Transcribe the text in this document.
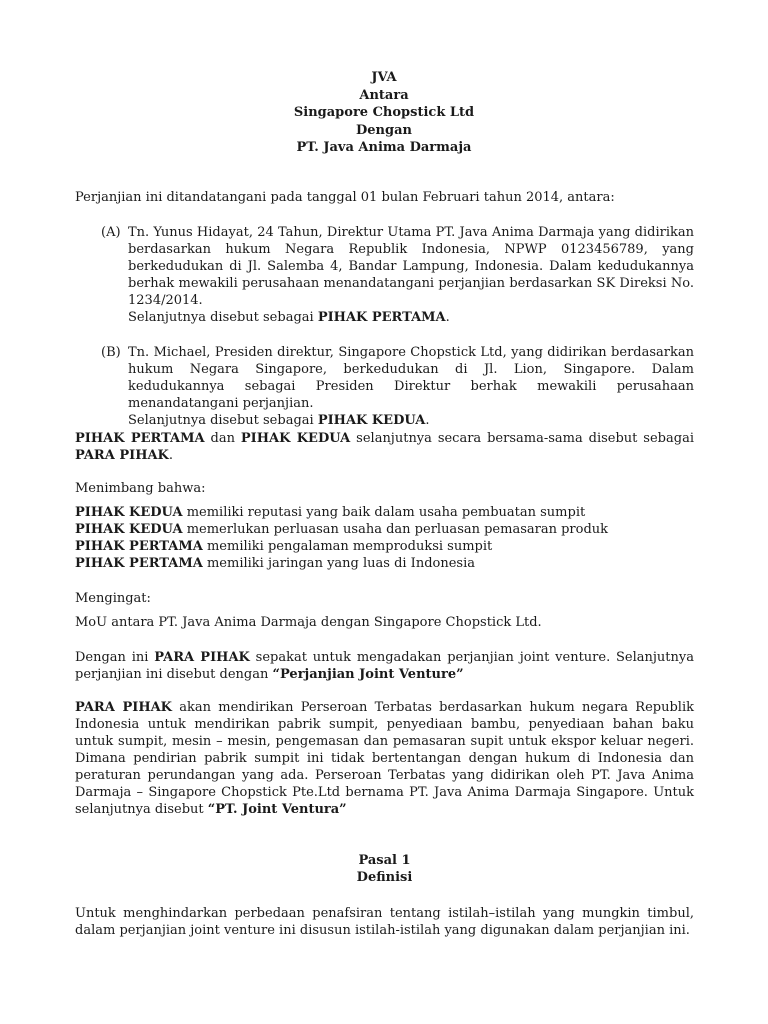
JVA
Antara
Singapore Chopstick Ltd
Dengan
PT. Java Anima Darmaja
Perjanjian ini ditandatangani pada tanggal 01 bulan Februari tahun 2014, antara:
(A) Tn. Yunus Hidayat, 24 Tahun, Direktur Utama PT. Java Anima Darmaja yang didirikan berdasarkan hukum Negara Republik Indonesia, NPWP 0123456789, yang berkedudukan di Jl. Salemba 4, Bandar Lampung, Indonesia. Dalam kedudukannya berhak mewakili perusahaan menandatangani perjanjian berdasarkan SK Direksi No. 1234/2014.
Selanjutnya disebut sebagai PIHAK PERTAMA.
(B) Tn. Michael, Presiden direktur, Singapore Chopstick Ltd, yang didirikan berdasarkan hukum Negara Singapore, berkedudukan di Jl. Lion, Singapore. Dalam kedudukannya sebagai Presiden Direktur berhak mewakili perusahaan menandatangani perjanjian.
Selanjutnya disebut sebagai PIHAK KEDUA.
PIHAK PERTAMA dan PIHAK KEDUA selanjutnya secara bersama-sama disebut sebagai PARA PIHAK.
Menimbang bahwa:
PIHAK KEDUA memiliki reputasi yang baik dalam usaha pembuatan sumpit
PIHAK KEDUA memerlukan perluasan usaha dan perluasan pemasaran produk
PIHAK PERTAMA memiliki pengalaman memproduksi sumpit
PIHAK PERTAMA memiliki jaringan yang luas di Indonesia
Mengingat:
MoU antara PT. Java Anima Darmaja dengan Singapore Chopstick Ltd.
Dengan ini PARA PIHAK sepakat untuk mengadakan perjanjian joint venture. Selanjutnya perjanjian ini disebut dengan “Perjanjian Joint Venture”
PARA PIHAK akan mendirikan Perseroan Terbatas berdasarkan hukum negara Republik Indonesia untuk mendirikan pabrik sumpit, penyediaan bambu, penyediaan bahan baku untuk sumpit, mesin – mesin, pengemasan dan pemasaran supit untuk ekspor keluar negeri. Dimana pendirian pabrik sumpit ini tidak bertentangan dengan hukum di Indonesia dan peraturan perundangan yang ada. Perseroan Terbatas yang didirikan oleh PT. Java Anima Darmaja – Singapore Chopstick Pte.Ltd bernama PT. Java Anima Darmaja Singapore. Untuk selanjutnya disebut “PT. Joint Ventura”
Pasal 1
Definisi
Untuk menghindarkan perbedaan penafsiran tentang istilah–istilah yang mungkin timbul, dalam perjanjian joint venture ini disusun istilah-istilah yang digunakan dalam perjanjian ini.
